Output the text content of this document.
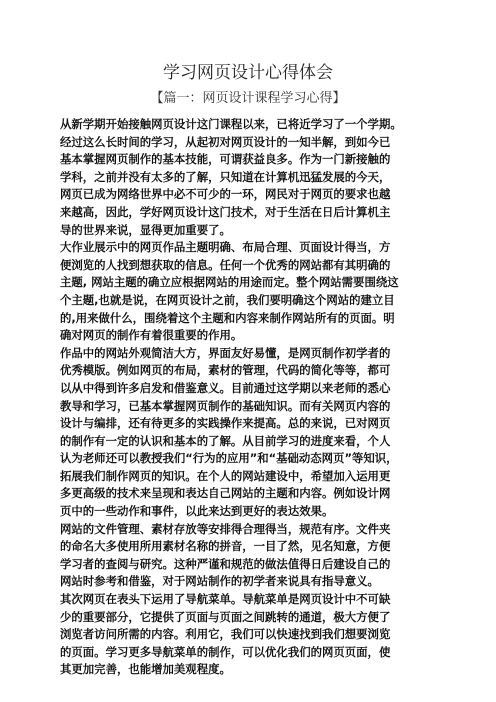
学习网页设计心得体会
【篇一：网页设计课程学习心得】
从新学期开始接触网页设计这门课程以来，已将近学习了一个学期。
经过这么长时间的学习，从起初对网页设计的一知半解，到如今已
基本掌握网页制作的基本技能，可谓获益良多。作为一门新接触的
学科，之前并没有太多的了解，只知道在计算机迅猛发展的今天，
网页已成为网络世界中必不可少的一环，网民对于网页的要求也越
来越高，因此，学好网页设计这门技术，对于生活在日后计算机主
导的世界来说，显得更加重要了。
大作业展示中的网页作品主题明确、布局合理、页面设计得当，方
便浏览的人找到想获取的信息。任何一个优秀的网站都有其明确的
主题, 网站主题的确立应根据网站的用途而定。整个网站需要围绕这
个主题,也就是说，在网页设计之前，我们要明确这个网站的建立目
的,用来做什么，围绕着这个主题和内容来制作网站所有的页面。明
确对网页的制作有着很重要的作用。
作品中的网站外观简洁大方，界面友好易懂，是网页制作初学者的
优秀模版。例如网页的布局，素材的管理，代码的简化等等，都可
以从中得到许多启发和借鉴意义。目前通过这学期以来老师的悉心
教导和学习，已基本掌握网页制作的基础知识。而有关网页内容的
设计与编排，还有待更多的实践操作来提高。总的来说，已对网页
的制作有一定的认识和基本的了解。从目前学习的进度来看，个人
认为老师还可以教授我们“行为的应用”和“基础动态网页”等知识，
拓展我们制作网页的知识。在个人的网站建设中，希望加入运用更
多更高级的技术来呈现和表达自己网站的主题和内容。例如设计网
页中的一些动作和事件，以此来达到更好的表达效果。
网站的文件管理、素材存放等安排得合理得当，规范有序。文件夹
的命名大多使用所用素材名称的拼音，一目了然，见名知意，方便
学习者的查阅与研究。这种严谨和规范的做法值得日后建设自己的
网站时参考和借鉴，对于网站制作的初学者来说具有指导意义。
其次网页在表头下运用了导航菜单。导航菜单是网页设计中不可缺
少的重要部分，它提供了页面与页面之间跳转的通道，极大方便了
浏览者访问所需的内容。利用它，我们可以快速找到我们想要浏览
的页面。学习更多导航菜单的制作，可以优化我们的网页页面，使
其更加完善，也能增加美观程度。
